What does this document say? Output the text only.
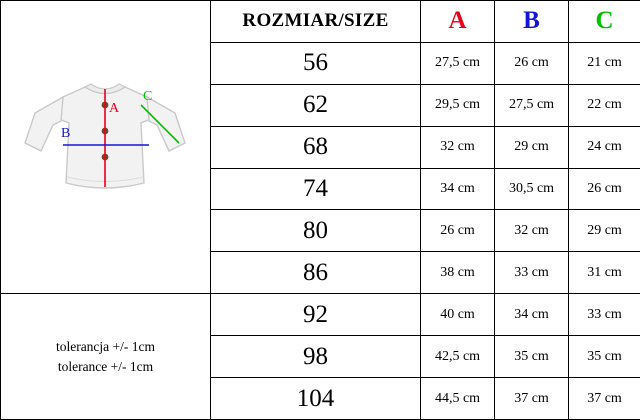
A
B
C	ROZMIAR/SIZE	A	B	C
	56	27,5 cm	26 cm	21 cm
	62	29,5 cm	27,5 cm	22 cm
	68	32 cm	29 cm	24 cm
	74	34 cm	30,5 cm	26 cm
	80	26 cm	32 cm	29 cm
	86	38 cm	33 cm	31 cm

tolerancja +/- 1cm
tolerance +/- 1cm	92	40 cm	34 cm	33 cm
	98	42,5 cm	35 cm	35 cm
	104	44,5 cm	37 cm	37 cm
